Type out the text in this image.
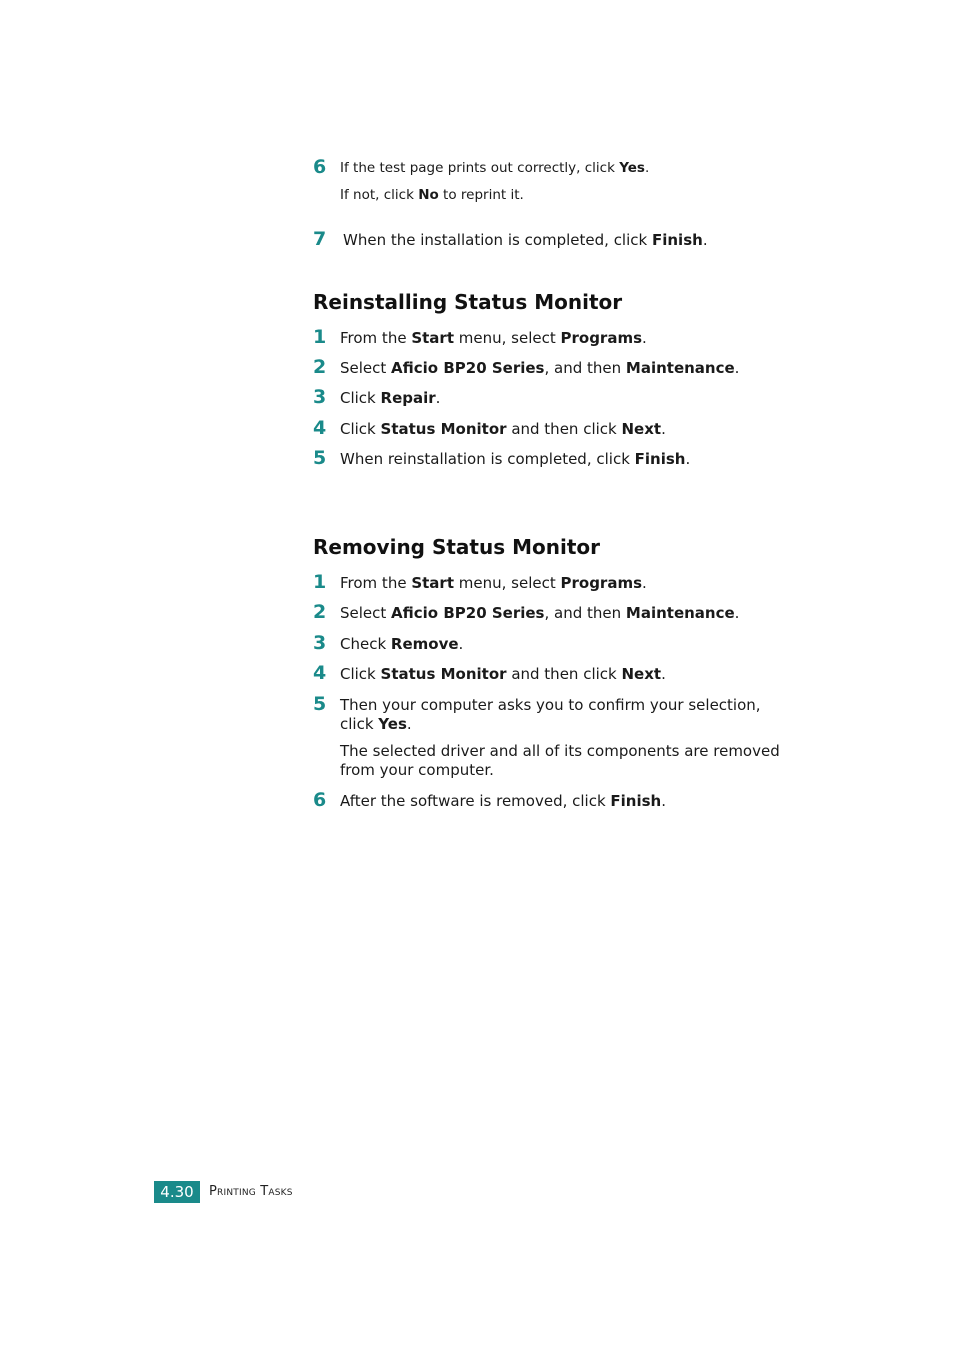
6 If the test page prints out correctly, click Yes.
If not, click No to reprint it.
7 When the installation is completed, click Finish.
Reinstalling Status Monitor
1 From the Start menu, select Programs.
2 Select Aficio BP20 Series, and then Maintenance.
3 Click Repair.
4 Click Status Monitor and then click Next.
5 When reinstallation is completed, click Finish.
Removing Status Monitor
1 From the Start menu, select Programs.
2 Select Aficio BP20 Series, and then Maintenance.
3 Check Remove.
4 Click Status Monitor and then click Next.
5 Then your computer asks you to confirm your selection,
click Yes.
The selected driver and all of its components are removed
from your computer.
6 After the software is removed, click Finish.
4.30	Printing Tasks
